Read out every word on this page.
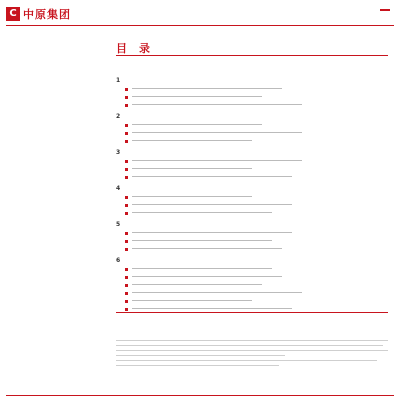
C 中原集团
目录
1
2
3
4
5
6
